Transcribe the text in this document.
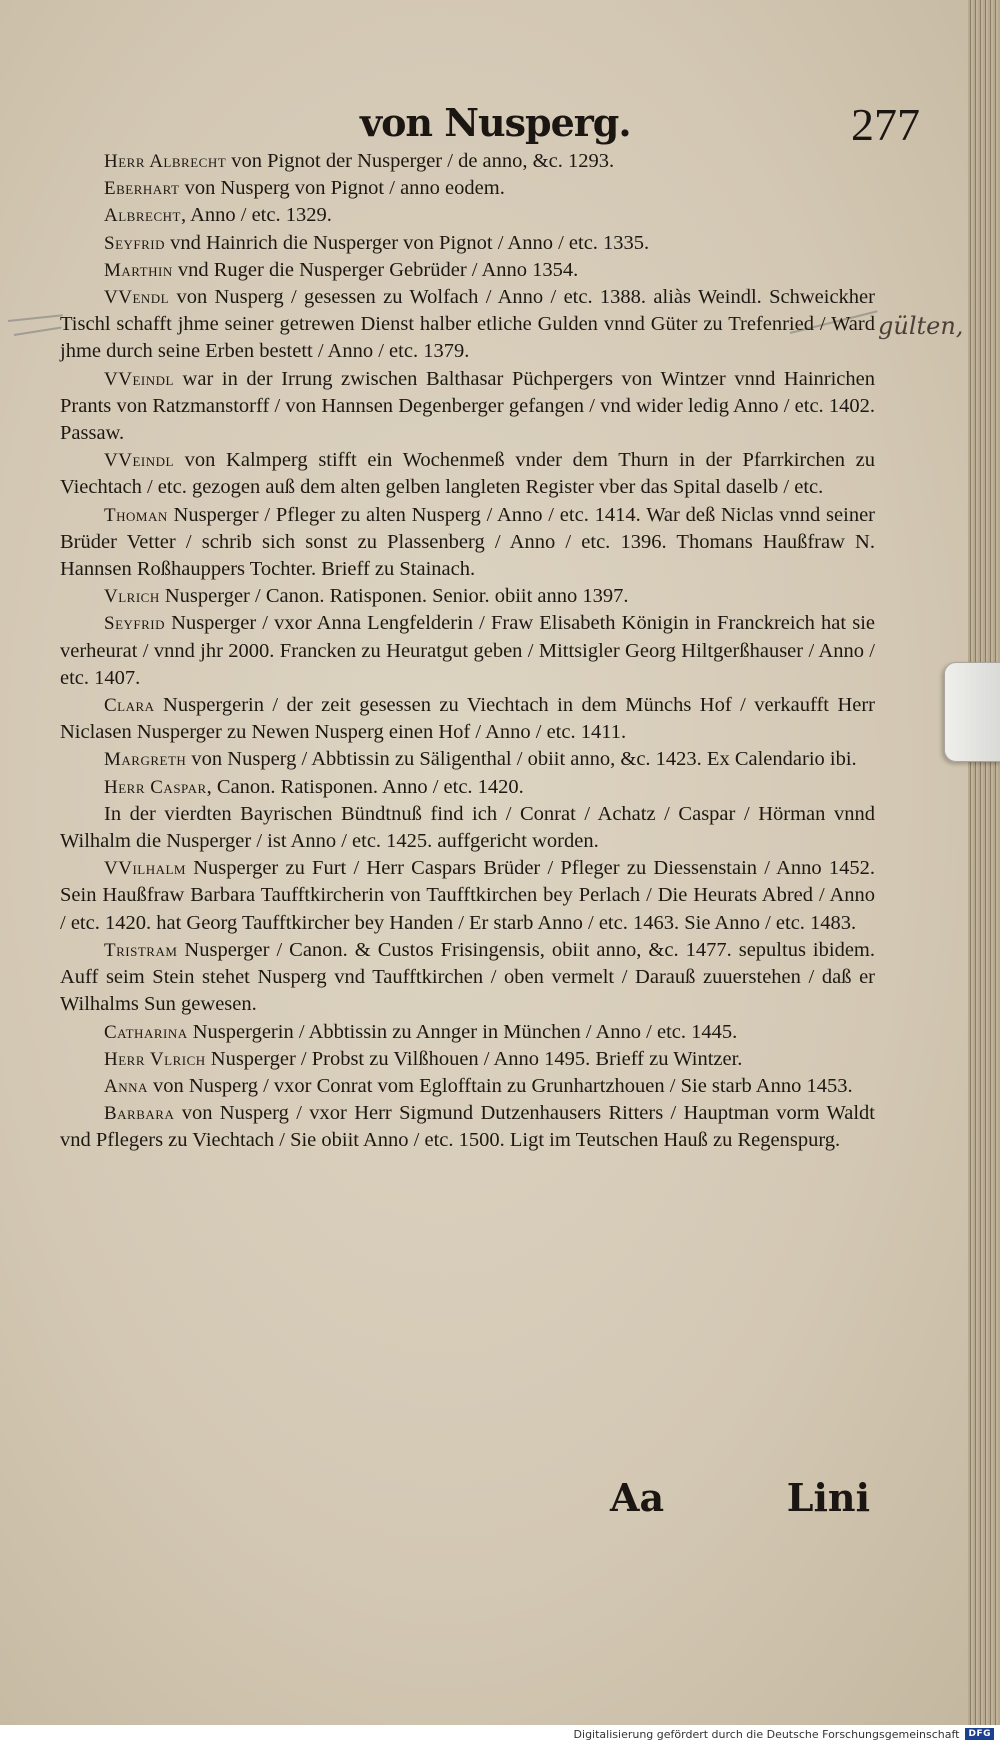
von Nusperg.	277

Herr Albrecht von Pignot der Nusperger / de anno, &c. 1293.

Eberhart von Nusperg von Pignot / anno eodem.

Albrecht, Anno / etc. 1329.

Seyfrid vnd Hainrich die Nusperger von Pignot / Anno / etc. 1335.

Marthin vnd Ruger die Nusperger Gebrüder / Anno 1354.

VVendl von Nusperg / gesessen zu Wolfach / Anno / etc. 1388. aliàs Weindl. Schweickher Tischl schafft jhme seiner getrewen Dienst halber etliche Gulden vnnd Güter zu Trefenried / Ward jhme durch seine Erben bestett / Anno / etc. 1379.

VVeindl war in der Irrung zwischen Balthasar Püchpergers von Wintzer vnnd Hainrichen Prants von Ratzmanstorff / von Hannsen Degenberger gefangen / vnd wider ledig Anno / etc. 1402. Passaw.

VVeindl von Kalmperg stifft ein Wochenmeß vnder dem Thurn in der Pfarrkirchen zu Viechtach / etc. gezogen auß dem alten gelben langleten Register vber das Spital daselb / etc.

Thoman Nusperger / Pfleger zu alten Nusperg / Anno / etc. 1414. War deß Niclas vnnd seiner Brüder Vetter / schrib sich sonst zu Plassenberg / Anno / etc. 1396. Thomans Haußfraw N. Hannsen Roßhauppers Tochter. Brieff zu Stainach.

Vlrich Nusperger / Canon. Ratisponen. Senior. obiit anno 1397.

Seyfrid Nusperger / vxor Anna Lengfelderin / Fraw Elisabeth Königin in Franckreich hat sie verheurat / vnnd jhr 2000. Francken zu Heuratgut geben / Mittsigler Georg Hiltgerßhauser / Anno / etc. 1407.

Clara Nuspergerin / der zeit gesessen zu Viechtach in dem Münchs Hof / verkaufft Herr Niclasen Nusperger zu Newen Nusperg einen Hof / Anno / etc. 1411.

Margreth von Nusperg / Abbtissin zu Säligenthal / obiit anno, &c. 1423. Ex Calendario ibi.

Herr Caspar, Canon. Ratisponen. Anno / etc. 1420.

In der vierdten Bayrischen Bündtnuß find ich / Conrat / Achatz / Caspar / Hörman vnnd Wilhalm die Nusperger / ist Anno / etc. 1425. auffgericht worden.

VVilhalm Nusperger zu Furt / Herr Caspars Brüder / Pfleger zu Diessenstain / Anno 1452. Sein Haußfraw Barbara Taufftkircherin von Taufftkirchen bey Perlach / Die Heurats Abred / Anno / etc. 1420. hat Georg Taufftkircher bey Handen / Er starb Anno / etc. 1463. Sie Anno / etc. 1483.

Tristram Nusperger / Canon. & Custos Frisingensis, obiit anno, &c. 1477. sepultus ibidem. Auff seim Stein stehet Nusperg vnd Taufftkirchen / oben vermelt / Darauß zuuerstehen / daß er Wilhalms Sun gewesen.

Catharina Nuspergerin / Abbtissin zu Annger in München / Anno / etc. 1445.

Herr Vlrich Nusperger / Probst zu Vilßhouen / Anno 1495. Brieff zu Wintzer.

Anna von Nusperg / vxor Conrat vom Eglofftain zu Grunhartzhouen / Sie starb Anno 1453.

Barbara von Nusperg / vxor Herr Sigmund Dutzenhausers Ritters / Hauptman vorm Waldt vnd Pflegers zu Viechtach / Sie obiit Anno / etc. 1500. Ligt im Teutschen Hauß zu Regenspurg.

gülten,
Aa	Lini
Digitalisierung gefördert durch die Deutsche Forschungsgemeinschaft	DFG
